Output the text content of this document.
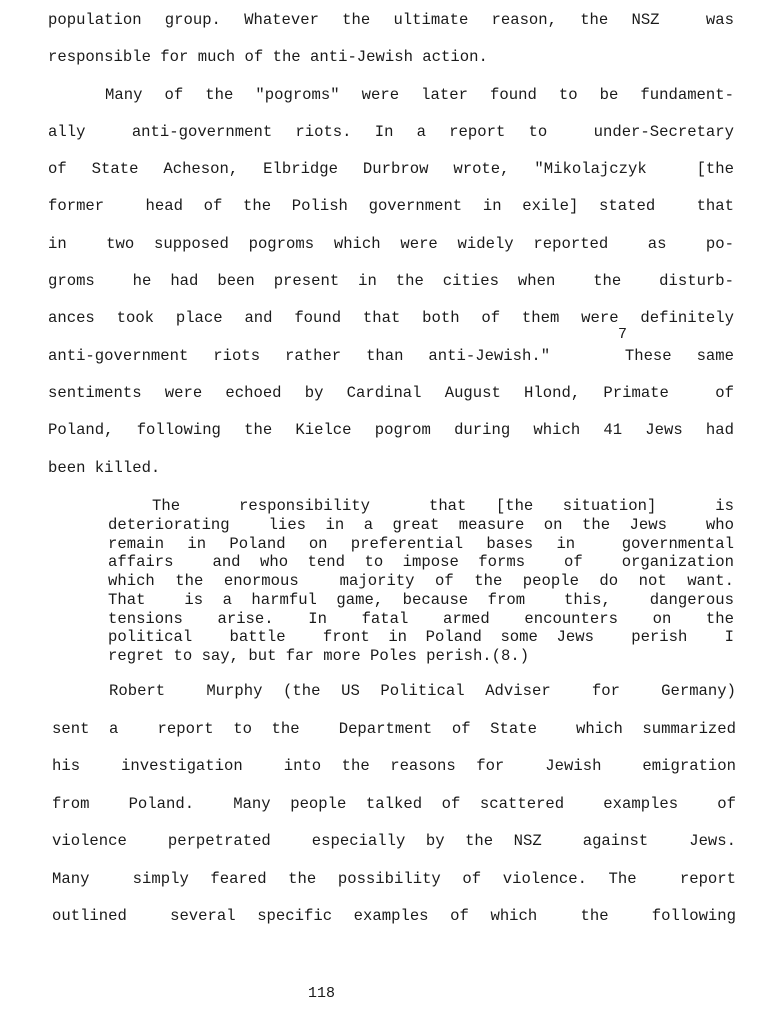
population group. Whatever the ultimate reason, the NSZ  was
responsible for much of the anti-Jewish action.
Many of the "pogroms" were later found to be fundament-
ally  anti-government riots. In a report to  under-Secretary
of State Acheson, Elbridge Durbrow wrote, "Mikolajczyk  [the
former  head of the Polish government in exile] stated  that
in  two supposed pogroms which were widely reported  as  po-
groms  he had been present in the cities when  the  disturb-
ances took place and found that both of them were definitely
anti-government riots rather than anti-Jewish."   These same
sentiments were echoed by Cardinal August Hlond, Primate  of
Poland, following the Kielce pogrom during which 41 Jews had
been killed.
7
The  responsibility  that [the situation]  is
deteriorating  lies in a great measure on the Jews  who
remain in Poland on preferential bases in  governmental
affairs  and who tend to impose forms  of  organization
which the enormous  majority of the people do not want.
That  is a harmful game, because from  this,  dangerous
tensions  arise.  In  fatal  armed  encounters  on  the
political  battle  front in Poland some Jews  perish  I
regret to say, but far more Poles perish.(8.)
Robert  Murphy (the US Political Adviser  for  Germany)
sent a  report to the  Department of State  which summarized
his  investigation  into the reasons for  Jewish  emigration
from  Poland.  Many people talked of scattered  examples  of
violence  perpetrated  especially by the NSZ  against  Jews.
Many  simply feared the possibility of violence. The  report
outlined  several specific examples of which  the  following
118
